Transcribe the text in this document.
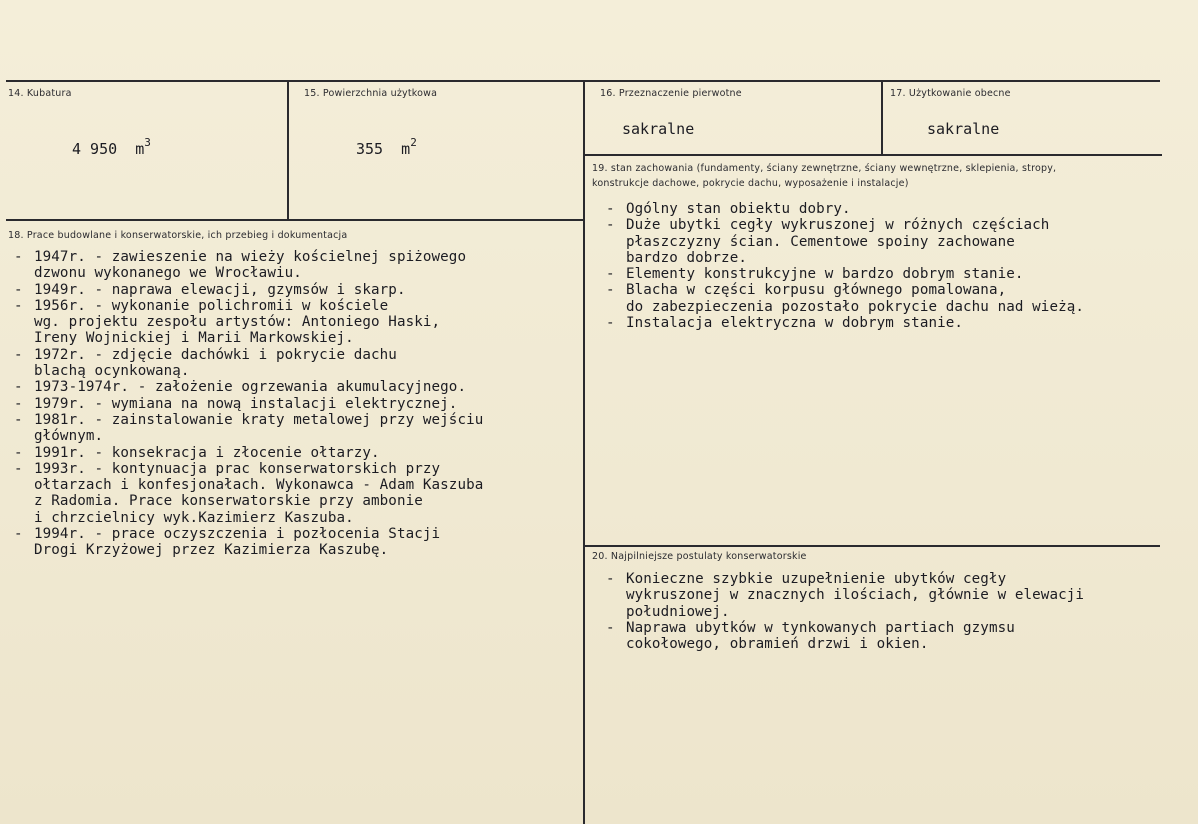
14. Kubatura
4 950 $m^3$
15. Powierzchnia użytkowa
355 $m^2$
16. Przeznaczenie pierwotne
sakralne
17. Użytkowanie obecne
sakralne
18. Prace budowlane i konserwatorskie, ich przebieg i dokumentacja
- 1947r. - zawieszenie na wieży kościelnej spiżowego
dzwonu wykonanego we Wrocławiu.
- 1949r. - naprawa elewacji, gzymsów i skarp.
- 1956r. - wykonanie polichromii w kościele
wg. projektu zespołu artystów: Antoniego Haski,
Ireny Wojnickiej i Marii Markowskiej.
- 1972r. - zdjęcie dachówki i pokrycie dachu
blachą ocynkowaną.
- 1973-1974r. - założenie ogrzewania akumulacyjnego.
- 1979r. - wymiana na nową instalacji elektrycznej.
- 1981r. - zainstalowanie kraty metalowej przy wejściu
głównym.
- 1991r. - konsekracja i złocenie ołtarzy.
- 1993r. - kontynuacja prac konserwatorskich przy
ołtarzach i konfesjonałach. Wykonawca - Adam Kaszuba
z Radomia. Prace konserwatorskie przy ambonie
i chrzcielnicy wyk.Kazimierz Kaszuba.
- 1994r. - prace oczyszczenia i pozłocenia Stacji
Drogi Krzyżowej przez Kazimierza Kaszubę.
19. stan zachowania (fundamenty, ściany zewnętrzne, ściany wewnętrzne, sklepienia, stropy, konstrukcje dachowe, pokrycie dachu, wyposażenie i instalacje)
- Ogólny stan obiektu dobry.
- Duże ubytki cegły wykruszonej w różnych częściach
płaszczyzny ścian. Cementowe spoiny zachowane
bardzo dobrze.
- Elementy konstrukcyjne w bardzo dobrym stanie.
- Blacha w części korpusu głównego pomalowana,
do zabezpieczenia pozostało pokrycie dachu nad wieżą.
- Instalacja elektryczna w dobrym stanie.
20. Najpilniejsze postulaty konserwatorskie
- Konieczne szybkie uzupełnienie ubytków cegły
wykruszonej w znacznych ilościach, głównie w elewacji
południowej.
- Naprawa ubytków w tynkowanych partiach gzymsu
cokołowego, obramień drzwi i okien.
